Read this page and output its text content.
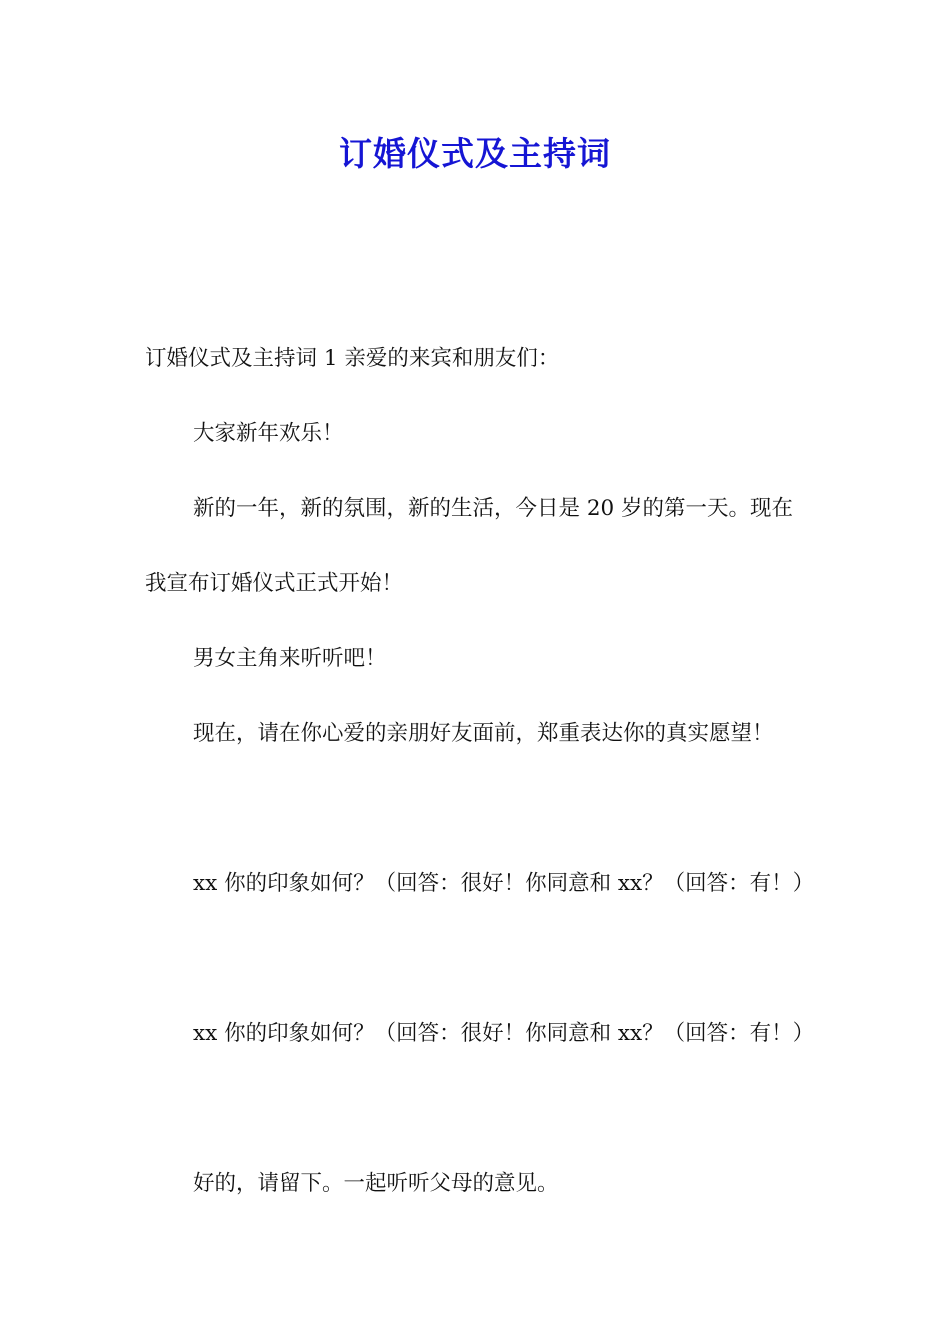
订婚仪式及主持词

订婚仪式及主持词 1 亲爱的来宾和朋友们：

大家新年欢乐！

新的一年，新的氛围，新的生活，今日是 20 岁的第一天。现在我宣布订婚仪式正式开始！

男女主角来听听吧！

现在，请在你心爱的亲朋好友面前，郑重表达你的真实愿望！

xx 你的印象如何？（回答：很好！你同意和 xx？（回答：有！）

xx 你的印象如何？（回答：很好！你同意和 xx？（回答：有！）

好的，请留下。一起听听父母的意见。
